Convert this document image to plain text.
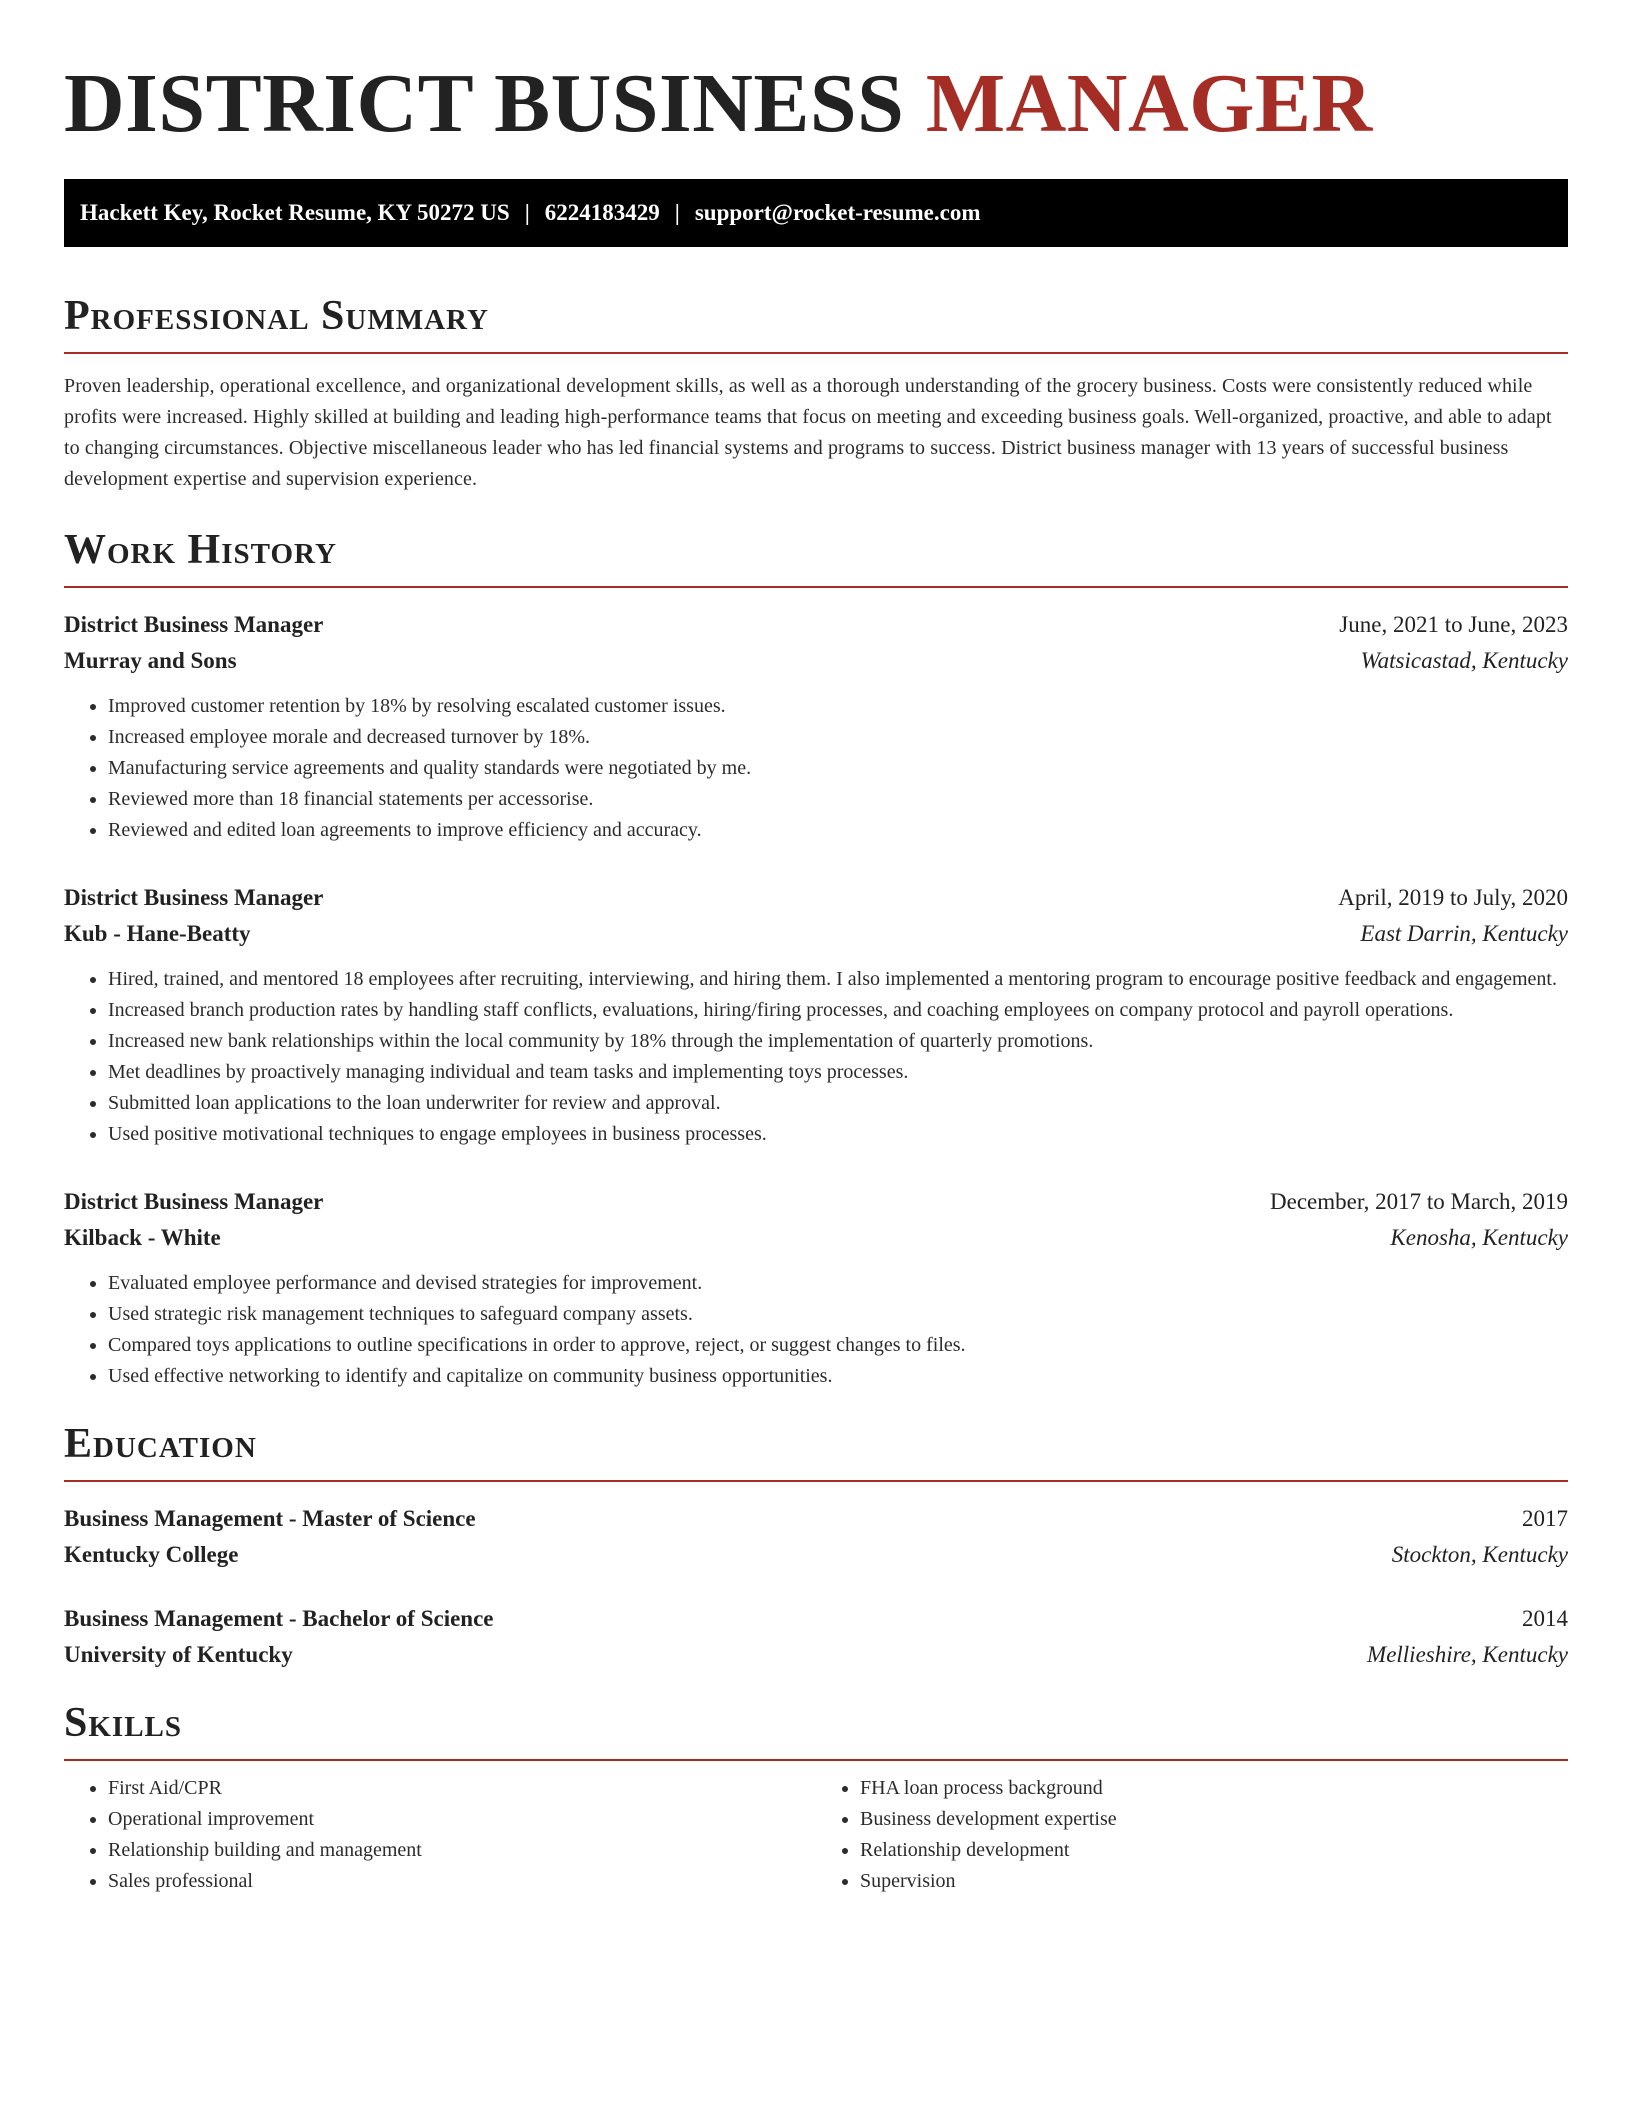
DISTRICT BUSINESS MANAGER
Hackett Key, Rocket Resume, KY 50272 US | 6224183429 | support@rocket-resume.com
Professional Summary

Proven leadership, operational excellence, and organizational development skills, as well as a thorough understanding of the grocery business. Costs were consistently reduced while profits were increased. Highly skilled at building and leading high-performance teams that focus on meeting and exceeding business goals. Well-organized, proactive, and able to adapt to changing circumstances. Objective miscellaneous leader who has led financial systems and programs to success. District business manager with 13 years of successful business development expertise and supervision experience.

Work History
District Business Manager	June, 2021 to June, 2023
Murray and Sons	Watsicastad, Kentucky
• Improved customer retention by 18% by resolving escalated customer issues.
• Increased employee morale and decreased turnover by 18%.
• Manufacturing service agreements and quality standards were negotiated by me.
• Reviewed more than 18 financial statements per accessorise.
• Reviewed and edited loan agreements to improve efficiency and accuracy.
District Business Manager	April, 2019 to July, 2020
Kub - Hane-Beatty	East Darrin, Kentucky
• Hired, trained, and mentored 18 employees after recruiting, interviewing, and hiring them. I also implemented a mentoring program to encourage positive feedback and engagement.
• Increased branch production rates by handling staff conflicts, evaluations, hiring/firing processes, and coaching employees on company protocol and payroll operations.
• Increased new bank relationships within the local community by 18% through the implementation of quarterly promotions.
• Met deadlines by proactively managing individual and team tasks and implementing toys processes.
• Submitted loan applications to the loan underwriter for review and approval.
• Used positive motivational techniques to engage employees in business processes.
District Business Manager	December, 2017 to March, 2019
Kilback - White	Kenosha, Kentucky
• Evaluated employee performance and devised strategies for improvement.
• Used strategic risk management techniques to safeguard company assets.
• Compared toys applications to outline specifications in order to approve, reject, or suggest changes to files.
• Used effective networking to identify and capitalize on community business opportunities.
Education
Business Management - Master of Science	2017
Kentucky College	Stockton, Kentucky
Business Management - Bachelor of Science	2014
University of Kentucky	Mellieshire, Kentucky
Skills
• First Aid/CPR
• Operational improvement
• Relationship building and management
• Sales professional
• FHA loan process background
• Business development expertise
• Relationship development
• Supervision
